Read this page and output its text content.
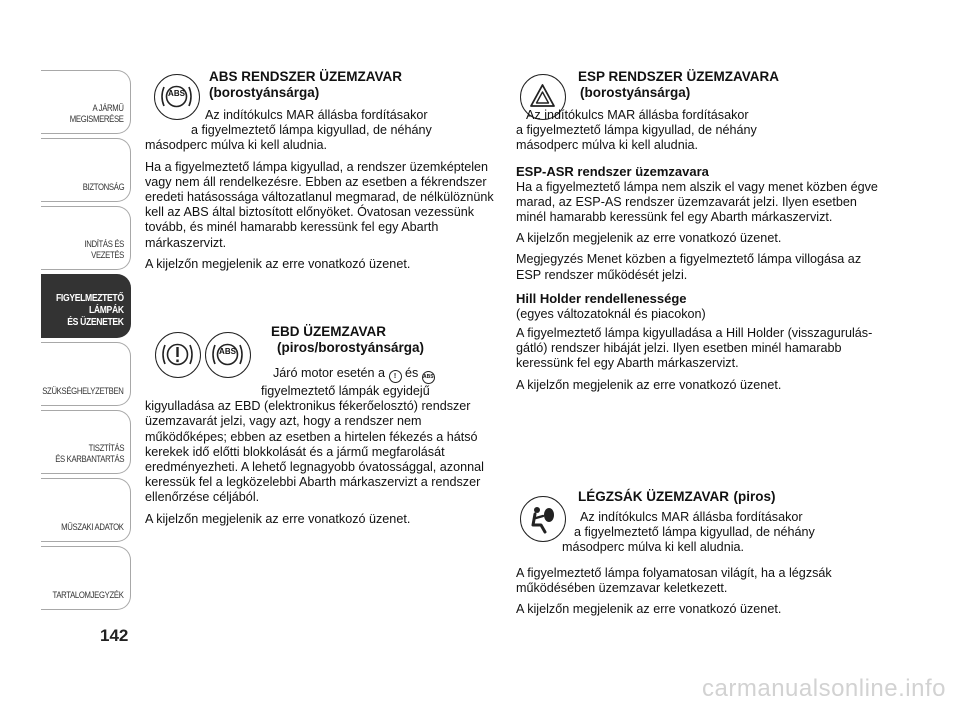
A JÁRMŰ
MEGISMERÉSE
BIZTONSÁG
INDÍTÁS ÉS VEZETÉS
FIGYELMEZTETŐ
LÁMPÁK
ÉS ÜZENETEK
SZÜKSÉGHELYZETBEN
TISZTÍTÁS
ÉS KARBANTARTÁS
MŰSZAKI ADATOK
TARTALOMJEGYZÉK
142
ABS
ABS RENDSZER ÜZEMZAVAR
(borostyánsárga)
Az indítókulcs MAR állásba fordításakor
a figyelmeztető lámpa kigyullad, de néhány
másodperc múlva ki kell aludnia.
Ha a figyelmeztető lámpa kigyullad, a rendszer üzemképtelen vagy nem áll rendelkezésre. Ebben az esetben a fékrendszer eredeti hatásossága változatlanul megmarad, de nélkülöznünk kell az ABS által biztosított előnyöket. Óvatosan vezessünk tovább, és minél hamarabb keressünk fel egy Abarth márkaszervizt.
A kijelzőn megjelenik az erre vonatkozó üzenet.
ABS
EBD ÜZEMZAVAR
(piros/borostyánsárga)
Járó motor esetén a ! és ABS
figyelmeztető lámpák egyidejű
kigyulladása az EBD (elektronikus fékerőelosztó) rendszer üzemzavarát jelzi, vagy azt, hogy a rendszer nem működőképes; ebben az esetben a hirtelen fékezés a hátsó kerekek idő előtti blokkolását és a jármű megfarolását eredményezheti. A lehető legnagyobb óvatossággal, azonnal keressük fel a legközelebbi Abarth márkaszervizt a rendszer ellenőrzése céljából.
A kijelzőn megjelenik az erre vonatkozó üzenet.
ESP RENDSZER ÜZEMZAVARA
(borostyánsárga)
Az indítókulcs MAR állásba fordításakor
a figyelmeztető lámpa kigyullad, de néhány
másodperc múlva ki kell aludnia.
ESP-ASR rendszer üzemzavara
Ha a figyelmeztető lámpa nem alszik el vagy menet közben égve marad, az ESP-AS rendszer üzemzavarát jelzi. Ilyen esetben minél hamarabb keressünk fel egy Abarth márkaszervizt.
A kijelzőn megjelenik az erre vonatkozó üzenet.
Megjegyzés Menet közben a figyelmeztető lámpa villogása az ESP rendszer működését jelzi.
Hill Holder rendellenessége
(egyes változatoknál és piacokon)
A figyelmeztető lámpa kigyulladása a Hill Holder (visszagurulás-gátló) rendszer hibáját jelzi. Ilyen esetben minél hamarabb keressünk fel egy Abarth márkaszervizt.
A kijelzőn megjelenik az erre vonatkozó üzenet.
LÉGZSÁK ÜZEMZAVAR (piros)
Az indítókulcs MAR állásba fordításakor
a figyelmeztető lámpa kigyullad, de néhány
másodperc múlva ki kell aludnia.
A figyelmeztető lámpa folyamatosan világít, ha a légzsák működésében üzemzavar keletkezett.
A kijelzőn megjelenik az erre vonatkozó üzenet.
carmanualsonline.info
